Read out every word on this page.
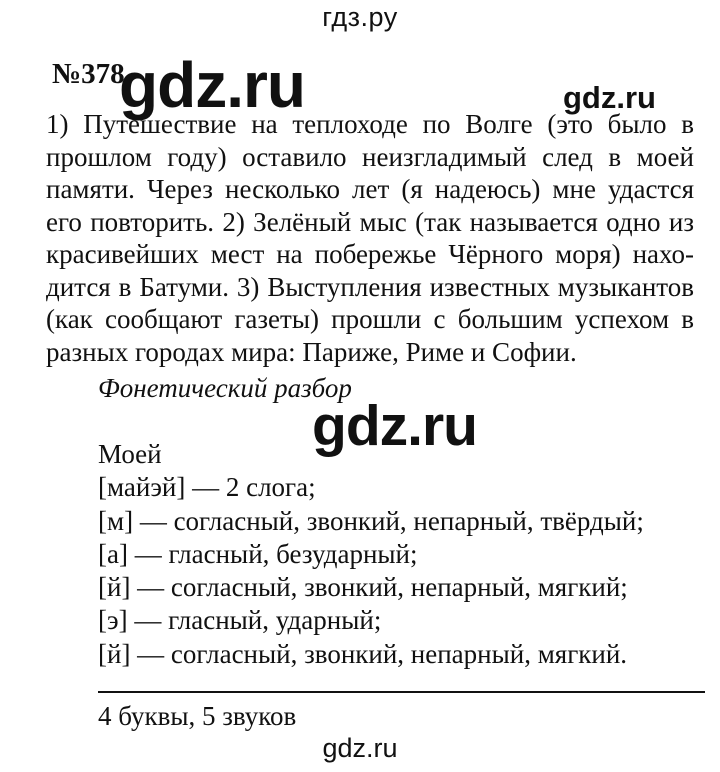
гдз.ру
№378
gdz.ru	gdz.ru

1) Путешествие на теплоходе по Волге (это было в прошлом году) оставило неизгладимый след в моей памяти. Через несколько лет (я надеюсь) мне удастся его повторить. 2) Зелёный мыс (так называется одно из красивейших мест на побережье Чёрного моря) нахо-дится в Батуми. 3) Выступления известных музыкантов (как сообщают газеты) прошли с большим успехом в разных городах мира: Париже, Риме и Софии.

Фонетический разбор
gdz.ru
Моей
[майэй] — 2 слога;
[м] — согласный, звонкий, непарный, твёрдый;
[а] — гласный, безударный;
[й] — согласный, звонкий, непарный, мягкий;
[э] — гласный, ударный;
[й] — согласный, звонкий, непарный, мягкий.
4 буквы, 5 звуков
gdz.ru
